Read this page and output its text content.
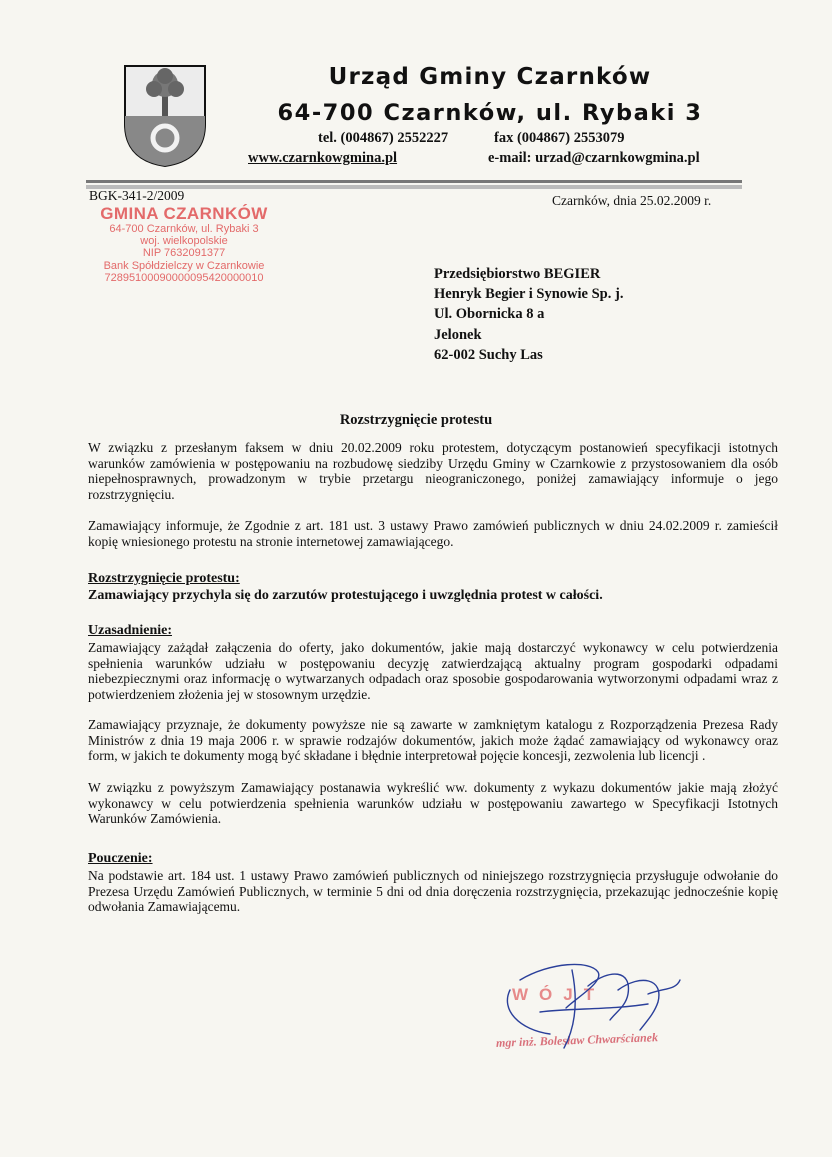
Urząd Gminy Czarnków
64-700 Czarnków, ul. Rybaki 3
tel. (004867) 2552227	fax (004867) 2553079
www.czarnkowgmina.pl	e-mail: urzad@czarnkowgmina.pl
BGK-341-2/2009	Czarnków, dnia 25.02.2009 r.
GMINA CZARNKÓW
64-700 Czarnków, ul. Rybaki 3
woj. wielkopolskie
NIP 7632091377
Bank Spółdzielczy w Czarnkowie
72895100090000095420000010	Przedsiębiorstwo BEGIER
Henryk Begier i Synowie Sp. j.
Ul. Obornicka 8 a
Jelonek
62-002 Suchy Las
Rozstrzygnięcie protestu
W związku z przesłanym faksem w dniu 20.02.2009 roku protestem, dotyczącym postanowień specyfikacji istotnych warunków zamówienia w postępowaniu na rozbudowę siedziby Urzędu Gminy w Czarnkowie z przystosowaniem dla osób niepełnosprawnych, prowadzonym w trybie przetargu nieograniczonego, poniżej zamawiający informuje o jego rozstrzygnięciu.
Zamawiający informuje, że Zgodnie z art. 181 ust. 3 ustawy Prawo zamówień publicznych w dniu 24.02.2009 r. zamieścił kopię wniesionego protestu na stronie internetowej zamawiającego.
Rozstrzygnięcie protestu:
Zamawiający przychyla się do zarzutów protestującego i uwzględnia protest w całości.
Uzasadnienie:
Zamawiający zażądał załączenia do oferty, jako dokumentów, jakie mają dostarczyć wykonawcy w celu potwierdzenia spełnienia warunków udziału w postępowaniu decyzję zatwierdzającą aktualny program gospodarki odpadami niebezpiecznymi oraz informację o wytwarzanych odpadach oraz sposobie gospodarowania wytworzonymi odpadami wraz z potwierdzeniem złożenia jej w stosownym urzędzie.
Zamawiający przyznaje, że dokumenty powyższe nie są zawarte w zamkniętym katalogu z Rozporządzenia Prezesa Rady Ministrów z dnia 19 maja 2006 r. w sprawie rodzajów dokumentów, jakich może żądać zamawiający od wykonawcy oraz form, w jakich te dokumenty mogą być składane i błędnie interpretował pojęcie koncesji, zezwolenia lub licencji .
W związku z powyższym Zamawiający postanawia wykreślić ww. dokumenty z wykazu dokumentów jakie mają złożyć wykonawcy w celu potwierdzenia spełnienia warunków udziału w postępowaniu zawartego w Specyfikacji Istotnych Warunków Zamówienia.
Pouczenie:
Na podstawie art. 184 ust. 1 ustawy Prawo zamówień publicznych od niniejszego rozstrzygnięcia przysługuje odwołanie do Prezesa Urzędu Zamówień Publicznych, w terminie 5 dni od dnia doręczenia rozstrzygnięcia, przekazując jednocześnie kopię odwołania Zamawiającemu.
WÓJT
mgr inż. Bolesław Chwarścianek
